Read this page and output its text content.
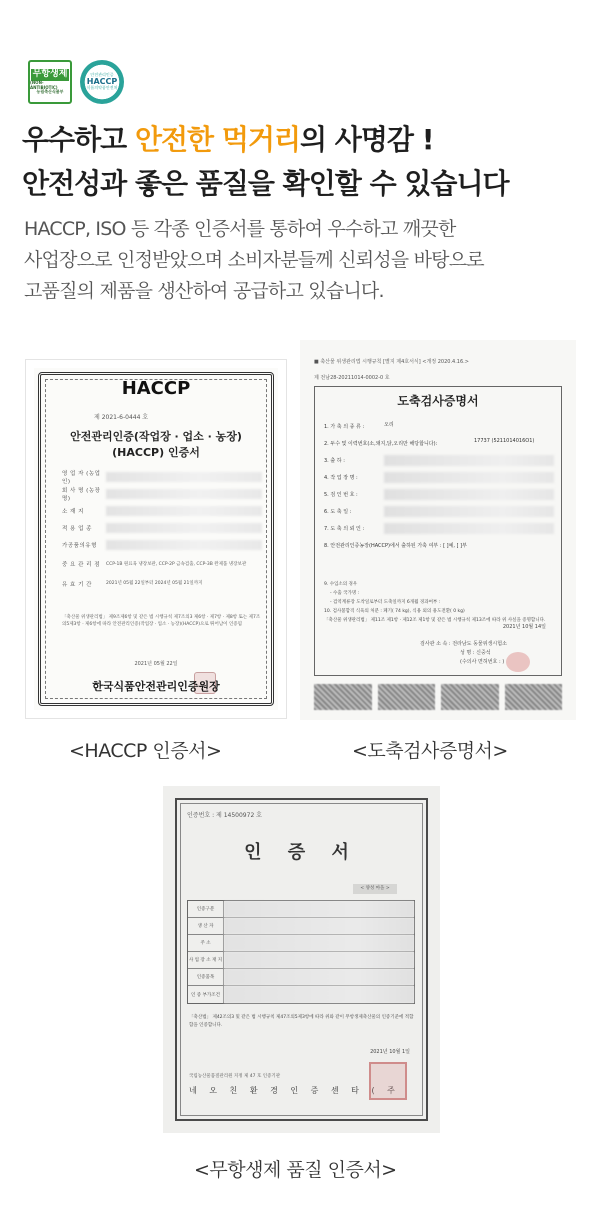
무항생제
(NON-ANTIBIOTIC)
농림축산식품부
안전관리인증
HACCP
식품의약품안전처
우수하고 안전한 먹거리의 사명감 !
안전성과 좋은 품질을 확인할 수 있습니다

HACCP, ISO 등 각종 인증서를 통하여 우수하고 깨끗한

사업장으로 인정받았으며 소비자분들께 신뢰성을 바탕으로

고품질의 제품을 생산하여 공급하고 있습니다.

HACCP
제 2021-6-0444 호
안전관리인증(작업장 · 업소 · 농장)
(HACCP) 인증서
영 업 자 (농업인)
회 사 명 (농장명)
소 재 지
적 용 업 종
가공품의유형
중 요 관 리 점	CCP-1B 원료육 냉장보관, CCP-2P 금속검출, CCP-3B 완제품 냉장보관
유 효 기 간	2021년 05월 22일부터 2024년 05월 21일까지
「축산물 위생관리법」 제9조제6항 및 같은 법 시행규칙 제7조의3 제6항 · 제7항 · 제8항 또는 제7조의5제3항 · 제6항에 따라 안전관리인증(작업장 · 업소 · 농장)(HACCP)으로 뛰어남이 인증됨
2021년 05월 22일
한국식품안전관리인증원장
■ 축산물 위생관리법 시행규칙 [별지 제4호서식] <개정 2020.4.16.>
제 전남28-20211014-0002-0 호
도축검사증명서
1. 가 축 의 종 류 :	오리
2. 두수 및 이력번호(소,돼지,닭,오리만 해당합니다):	17737 (5211014016O1)
3. 출 하 :
4. 작 업 장 명 :
5. 검 인 번 호 :
6. 도 축 일 :
7. 도 축 의 뢰 인 :
8. 안전관리인증농장(HACCP)에서 출하된 가축 여부 : [ ]예, [ ]부
9. 수입소의 경우
- 수출 국가명 :
- 검역계류장 도착일로부터 도축일까지 6개월 경과여부 :
10. 검사불합격 식육의 처분 : 폐기( 74 kg), 식용 외의 용도전환( 0 kg)
「축산물 위생관리법」 제11조 제1항 · 제12조 제1항 및 같은 법 시행규칙 제13조에 따라 위 사실을 증명합니다.
2021년 10월 14일
검사관 소 속 : 전라남도 동물위생시험소
성 명 : 신중석
(수의사 면허번호 : )
<HACCP 인증서>	<도축검사증명서>
인증번호 : 제 14500972 호
인 증 서
< 양성 마을 >
인증구분
생 산 자
주 소
사 업 장 소 재 지
인증품목
인 증 부가조건
「축산법」 제42조의3 및 같은 법 시행규칙 제47조의5제3항에 따라 위와 같이 무항생제축산물의 인증기준에 적합함을 인증합니다.
2021년 10월 1일
국립농산물품질관리원 지정 제 47 호 인증기관
네 오 친 환 경 인 증 센 타 ( 주
<무항생제 품질 인증서>
